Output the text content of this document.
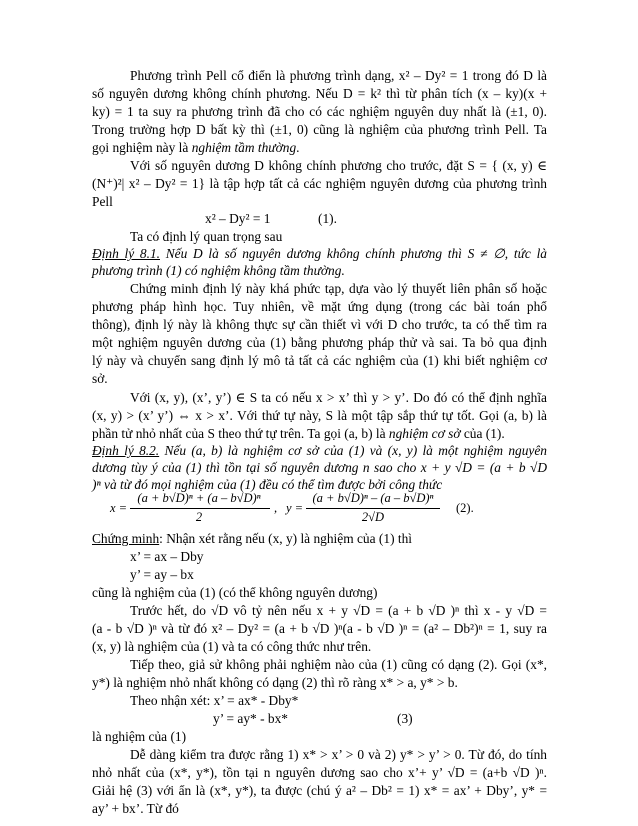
Phương trình Pell cổ điển là phương trình dạng, x² – Dy² = 1 trong đó D là
số nguyên dương không chính phương. Nếu D = k² thì từ phân tích (x – ky)(x +
ky) = 1 ta suy ra phương trình đã cho có các nghiệm nguyên duy nhất là (±1, 0).
Trong trường hợp D bất kỳ thì (±1, 0) cũng là nghiệm của phương trình Pell. Ta
gọi nghiệm này là nghiệm tầm thường.
Với số nguyên dương D không chính phương cho trước, đặt S = { (x, y) ∈
(N⁺)²| x² – Dy² = 1} là tập hợp tất cả các nghiệm nguyên dương của phương trình
Pell
x² – Dy² = 1	(1).
Ta có định lý quan trọng sau
Định lý 8.1. Nếu D là số nguyên dương không chính phương thì S ≠ ∅, tức là
phương trình (1) có nghiệm không tầm thường.
Chứng minh định lý này khá phức tạp, dựa vào lý thuyết liên phân số hoặc
phương pháp hình học. Tuy nhiên, về mặt ứng dụng (trong các bài toán phổ
thông), định lý này là không thực sự cần thiết vì với D cho trước, ta có thể tìm ra
một nghiệm nguyên dương của (1) bằng phương pháp thử và sai. Ta bỏ qua định
lý này và chuyển sang định lý mô tả tất cả các nghiệm của (1) khi biết nghiệm cơ
sở.
Với (x, y), (x’, y’) ∈ S ta có nếu x > x’ thì y > y’. Do đó có thể định nghĩa
(x, y) > (x’ y’) ⇔ x > x’. Với thứ tự này, S là một tập sắp thứ tự tốt. Gọi (a, b) là
phần tử nhỏ nhất của S theo thứ tự trên. Ta gọi (a, b) là nghiệm cơ sở của (1).
Định lý 8.2. Nếu (a, b) là nghiệm cơ sở của (1) và (x, y) là một nghiệm nguyên
dương tùy ý của (1) thì tồn tại số nguyên dương n sao cho x + y √D = (a + b √D
)ⁿ và từ đó mọi nghiệm của (1) đều có thể tìm được bởi công thức
x =
(a + b√D)ⁿ + (a – b√D)ⁿ
2
, y =
(a + b√D)ⁿ – (a – b√D)ⁿ
2√D
(2).
Chứng minh: Nhận xét rằng nếu (x, y) là nghiệm của (1) thì
x’ = ax – Dby
y’ = ay – bx
cũng là nghiệm của (1) (có thể không nguyên dương)
Trước hết, do √D vô tỷ nên nếu x + y √D = (a + b √D )ⁿ thì x - y √D =
(a - b √D )ⁿ và từ đó x² – Dy² = (a + b √D )ⁿ(a - b √D )ⁿ = (a² – Db²)ⁿ = 1, suy ra
(x, y) là nghiệm của (1) và ta có công thức như trên.
Tiếp theo, giả sử không phải nghiệm nào của (1) cũng có dạng (2). Gọi (x*,
y*) là nghiệm nhỏ nhất không có dạng (2) thì rõ ràng x* > a, y* > b.
Theo nhận xét: x’ = ax* - Dby*
y’ = ay* - bx*	(3)
là nghiệm của (1)
Dễ dàng kiểm tra được rằng 1) x* > x’ > 0 và 2) y* > y’ > 0. Từ đó, do tính
nhỏ nhất của (x*, y*), tồn tại n nguyên dương sao cho x’+ y’ √D = (a+b √D )ⁿ.
Giải hệ (3) với ẩn là (x*, y*), ta được (chú ý a² – Db² = 1) x* = ax’ + Dby’, y* =
ay’ + bx’. Từ đó
